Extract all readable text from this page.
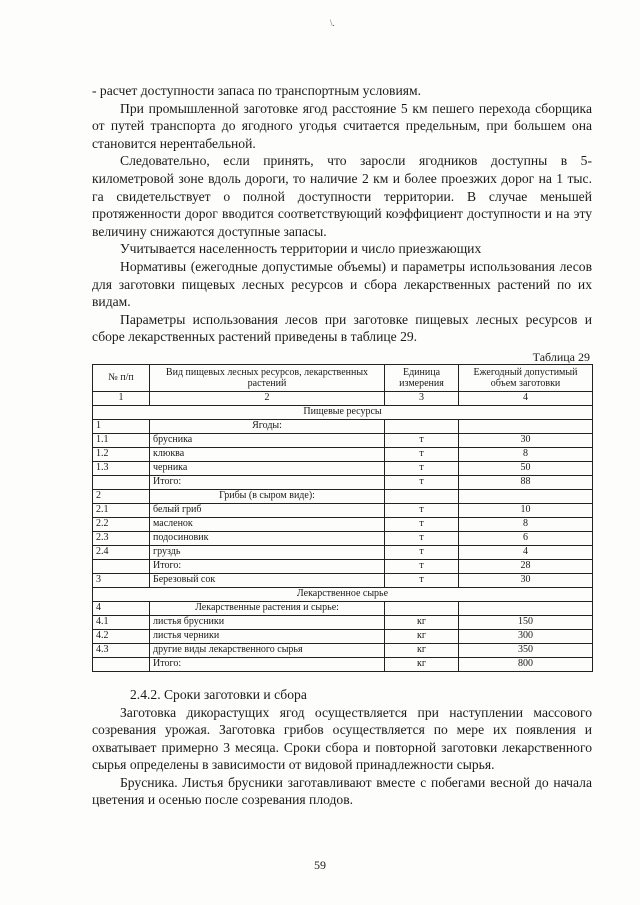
\.

- расчет доступности запаса по транспортным условиям.

При промышленной заготовке ягод расстояние 5 км пешего перехода сборщика от путей транспорта до ягодного угодья считается предельным, при большем она становится нерентабельной.

Следовательно, если принять, что заросли ягодников доступны в 5-километровой зоне вдоль дороги, то наличие 2 км и более проезжих дорог на 1 тыс. га свидетельствует о полной доступности территории. В случае меньшей протяженности дорог вводится соответствующий коэффициент доступности и на эту величину снижаются доступные запасы.

Учитывается населенность территории и число приезжающих

Нормативы (ежегодные допустимые объемы) и параметры использования лесов для заготовки пищевых лесных ресурсов и сбора лекарственных растений по их видам.

Параметры использования лесов при заготовке пищевых лесных ресурсов и сборе лекарственных растений приведены в таблице 29.

Таблица 29
№ п/п	Вид пищевых лесных ресурсов, лекарственных растений	Единица измерения	Ежегодный допустимый объем заготовки
1	2	3	4
Пищевые ресурсы			
1	Ягоды:		
1.1	брусника	т	30
1.2	клюква	т	8
1.3	черника	т	50
	Итого:	т	88
2	Грибы (в сыром виде):		
2.1	белый гриб	т	10
2.2	масленок	т	8
2.3	подосиновик	т	6
2.4	груздь	т	4
	Итого:	т	28
3	Березовый сок	т	30
Лекарственное сырье			
4	Лекарственные растения и сырье:		
4.1	листья брусники	кг	150
4.2	листья черники	кг	300
4.3	другие виды лекарственного сырья	кг	350
	Итого:	кг	800
2.4.2. Сроки заготовки и сбора

Заготовка дикорастущих ягод осуществляется при наступлении массового созревания урожая. Заготовка грибов осуществляется по мере их появления и охватывает примерно 3 месяца. Сроки сбора и повторной заготовки лекарственного сырья определены в зависимости от видовой принадлежности сырья.

Брусника. Листья брусники заготавливают вместе с побегами весной до начала цветения и осенью после созревания плодов.

59
